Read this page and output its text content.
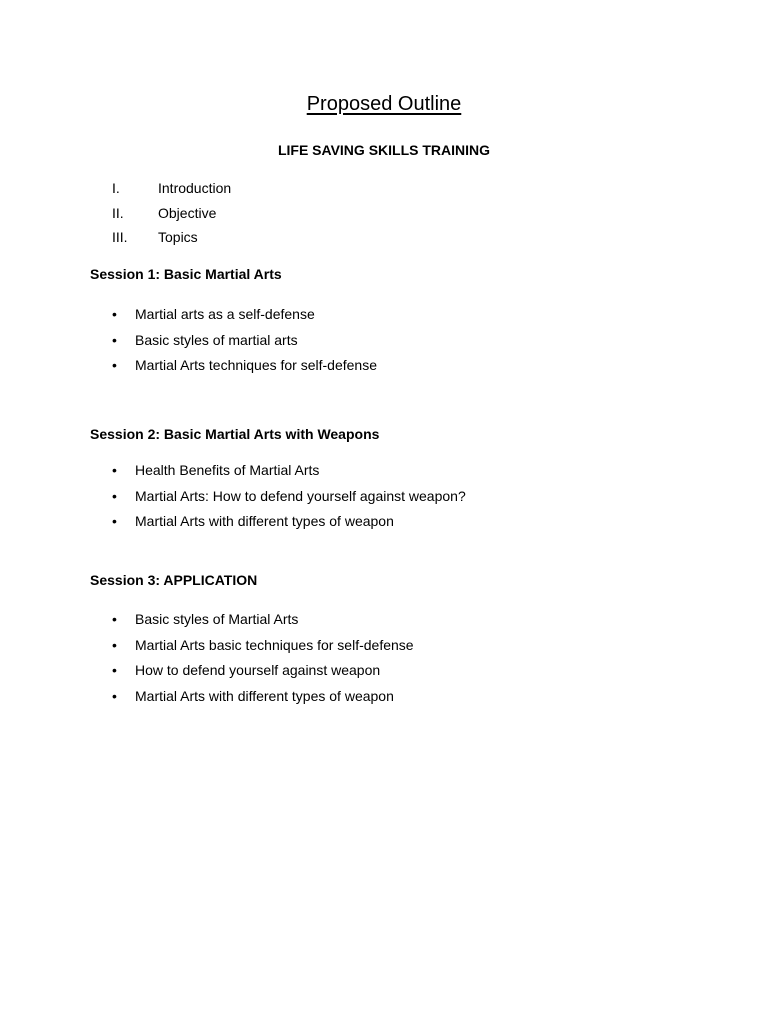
Proposed Outline
LIFE SAVING SKILLS TRAINING
I.	Introduction
II. Objective
III. Topics
Session 1: Basic Martial Arts
• Martial arts as a self-defense
• Basic styles of martial arts
• Martial Arts techniques for self-defense
Session 2: Basic Martial Arts with Weapons
• Health Benefits of Martial Arts
• Martial Arts: How to defend yourself against weapon?
• Martial Arts with different types of weapon
Session 3: APPLICATION
• Basic styles of Martial Arts
• Martial Arts basic techniques for self-defense
• How to defend yourself against weapon
• Martial Arts with different types of weapon
